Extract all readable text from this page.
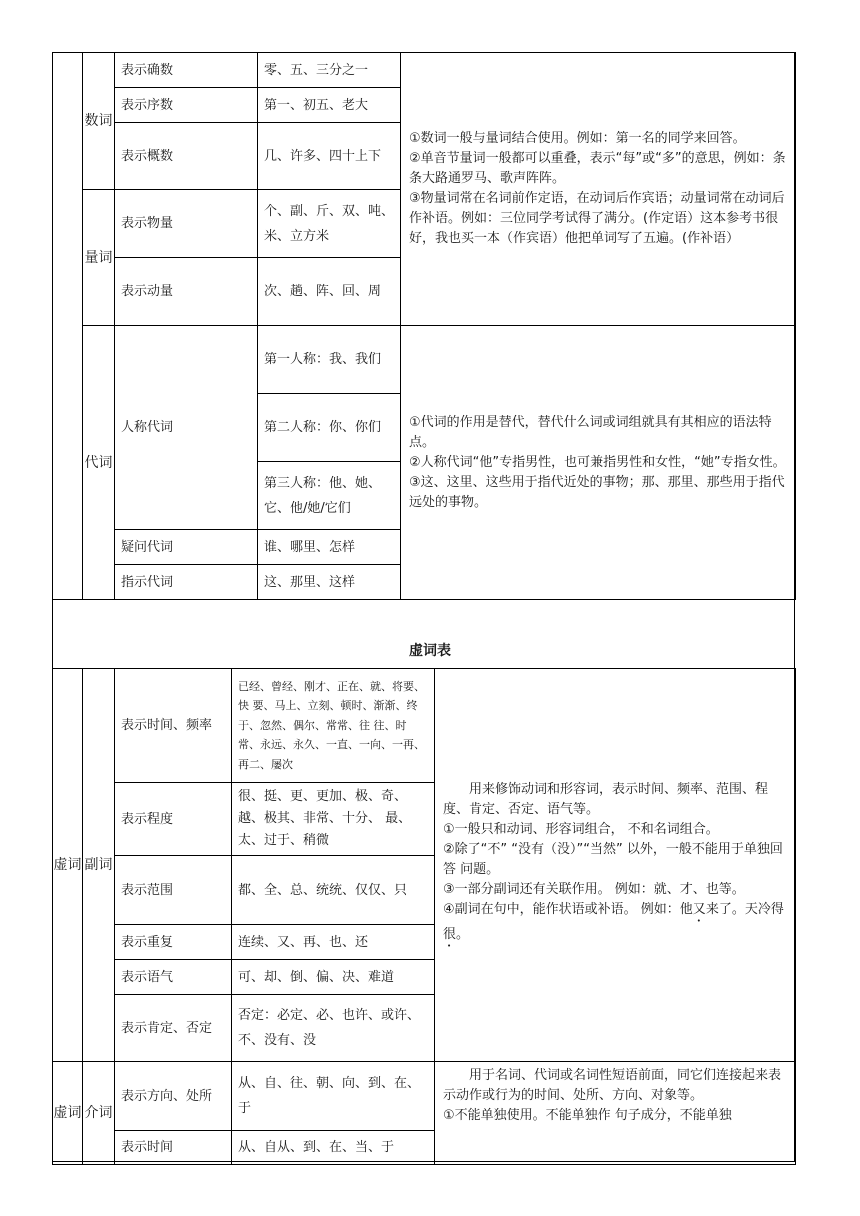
	数词	表示确数	零、五、三分之一	①数词一般与量词结合使用。例如：第一名的同学来回答。

②单音节量词一般都可以重叠，表示“每”或“多”的意思，例如：条条大路通罗马、歌声阵阵。

③物量词常在名词前作定语，在动词后作宾语；动量词常在动词后作补语。例如：三位同学考试得了满分。(作定语）这本参考书很好，我也买一本（作宾语）他把单词写了五遍。(作补语）

		表示序数	第一、初五、老大	
		表示概数	几、许多、四十上下	

	量词	表示物量	个、副、斤、双、吨、米、立方米	
		表示动量	次、趟、阵、回、周	

	代词	人称代词	第一人称：我、我们	①代词的作用是替代，替代什么词或词组就具有其相应的语法特点。

②人称代词“他”专指男性，也可兼指男性和女性，“她”专指女性。

③这、这里、这些用于指代近处的事物；那、那里、那些用于指代远处的事物。

			第二人称：你、你们	
			第三人称：他、她、它、他/她/它们	
		疑问代词	谁、哪里、怎样	
		指示代词	这、那里、这样	
虚词表
虚词	副词	表示时间、频率	已经、曾经、刚才、正在、就、将要、快 要、马上、立刻、顿时、渐渐、终于、忽然、偶尔、常常、往 往、时常、永远、永久、一直、一向、一再、再二、屡次	用来修饰动词和形容词，表示时间、频率、范围、程度、肯定、否定、语气等。

①一般只和动词、形容词组合， 不和名词组合。

②除了“不” “没有（没）”“当然” 以外，一般不能用于单独回答 问题。

③一部分副词还有关联作用。 例如：就、才、也等。

④副词在句中，能作状语或补语。 例如：他又来了。天冷得很。

		表示程度	很、挺、更、更加、极、奇、越、极其、非常、十分、 最、太、过于、稍微	
		表示范围	都、全、总、统统、仅仅、只	
		表示重复	连续、又、再、也、还	
		表示语气	可、却、倒、偏、决、难道	
		表示肯定、否定	否定：必定、必、也许、或许、不、没有、没	

虚词	介词	表示方向、处所	从、自、往、朝、向、到、在、于	用于名词、代词或名词性短语前面，同它们连接起来表示动作或行为的时间、处所、方向、对象等。

①不能单独使用。不能单独作 句子成分，不能单独

		表示时间	从、自从、到、在、当、于	
